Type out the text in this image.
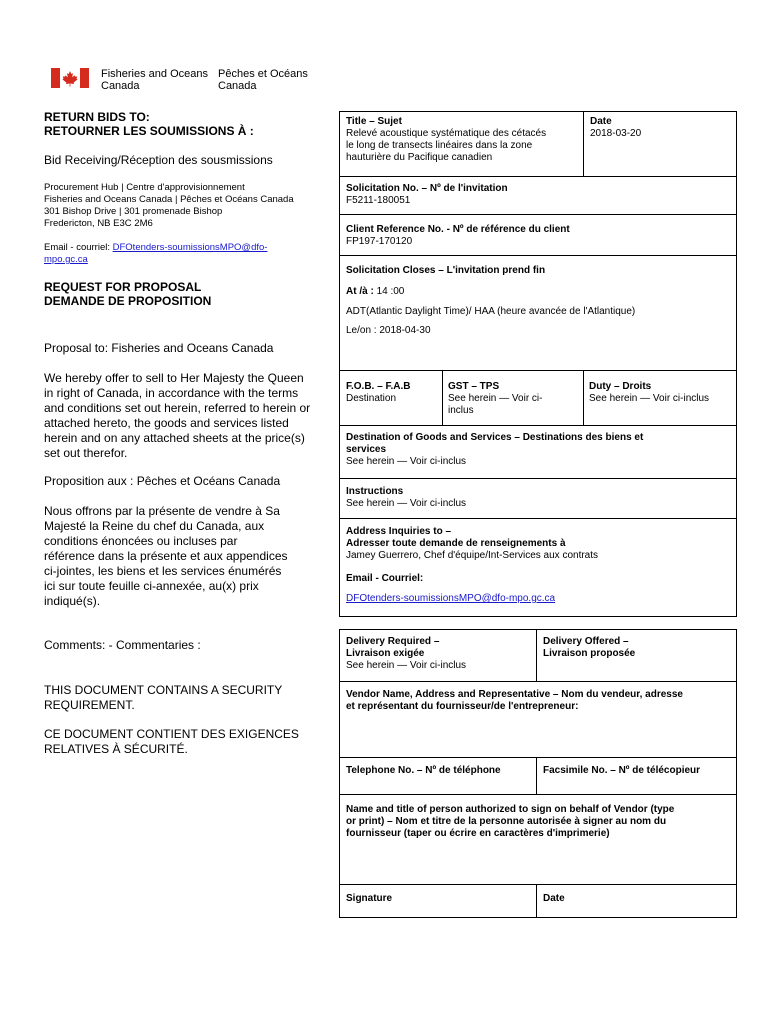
Fisheries and Oceans
Canada
Pêches et Océans
Canada
RETURN BIDS TO:
RETOURNER LES SOUMISSIONS À :
Bid Receiving/Réception des sousmissions
Procurement Hub | Centre d'approvisionnement
Fisheries and Oceans Canada | Pêches et Océans Canada
301 Bishop Drive | 301 promenade Bishop
Fredericton, NB E3C 2M6
Email - courriel: DFOtenders-soumissionsMPO@dfo-
mpo.gc.ca
REQUEST FOR PROPOSAL
DEMANDE DE PROPOSITION
Proposal to: Fisheries and Oceans Canada
We hereby offer to sell to Her Majesty the Queen
in right of Canada, in accordance with the terms
and conditions set out herein, referred to herein or
attached hereto, the goods and services listed
herein and on any attached sheets at the price(s)
set out therefor.
Proposition aux : Pêches et Océans Canada
Nous offrons par la présente de vendre à Sa
Majesté la Reine du chef du Canada, aux
conditions énoncées ou incluses par
référence dans la présente et aux appendices
ci-jointes, les biens et les services énumérés
ici sur toute feuille ci-annexée, au(x) prix
indiqué(s).
Comments: - Commentaries :
THIS DOCUMENT CONTAINS A SECURITY
REQUIREMENT.
CE DOCUMENT CONTIENT DES EXIGENCES
RELATIVES À SÉCURITÉ.
Title – Sujet
Relevé acoustique systématique des cétacés
le long de transects linéaires dans la zone
hauturière du Pacifique canadien
Date
2018-03-20
Solicitation No. – Nº de l'invitation
F5211-180051
Client Reference No. - Nº de référence du client
FP197-170120
Solicitation Closes – L'invitation prend fin
At /à : 14 :00
ADT(Atlantic Daylight Time)/ HAA (heure avancée de l'Atlantique)
Le/on : 2018-04-30
F.O.B. – F.A.B
Destination
GST – TPS
See herein — Voir ci-
inclus
Duty – Droits
See herein — Voir ci-inclus
Destination of Goods and Services – Destinations des biens et
services
See herein — Voir ci-inclus
Instructions
See herein — Voir ci-inclus
Address Inquiries to –
Adresser toute demande de renseignements à
Jamey Guerrero, Chef d'équipe/Int-Services aux contrats
Email - Courriel:
DFOtenders-soumissionsMPO@dfo-mpo.gc.ca
Delivery Required –
Livraison exigée
See herein — Voir ci-inclus
Delivery Offered –
Livraison proposée
Vendor Name, Address and Representative – Nom du vendeur, adresse
et représentant du fournisseur/de l'entrepreneur:
Telephone No. – Nº de téléphone	Facsimile No. – Nº de télécopieur
Name and title of person authorized to sign on behalf of Vendor (type
or print) – Nom et titre de la personne autorisée à signer au nom du
fournisseur (taper ou écrire en caractères d'imprimerie)
Signature	Date
